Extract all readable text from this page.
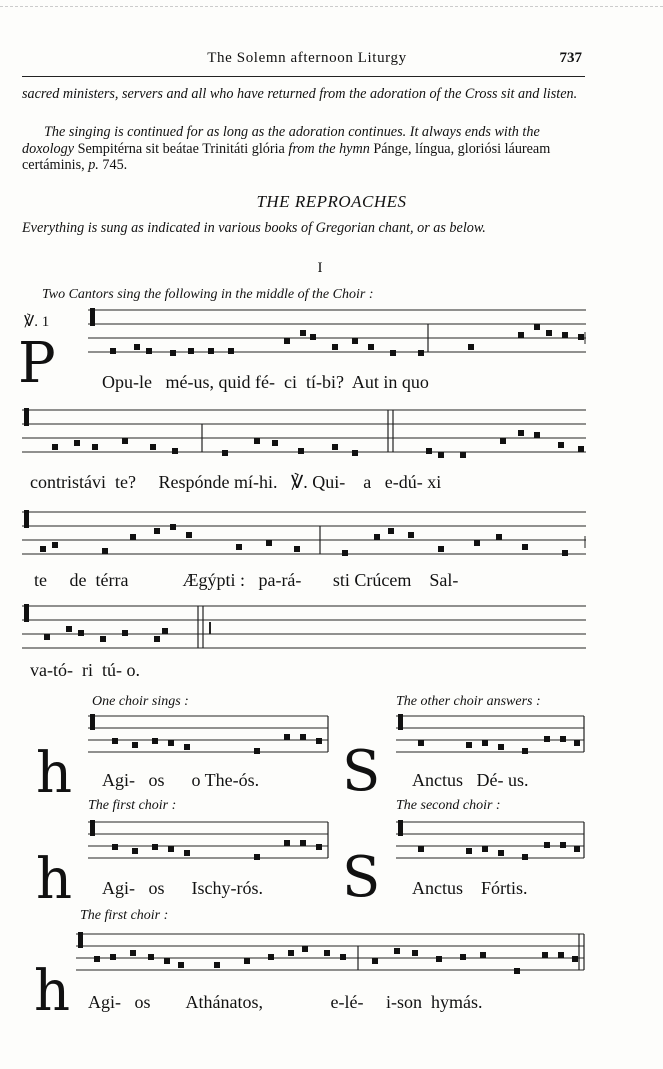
The Solemn afternoon Liturgy	737
sacred ministers, servers and all who have returned from the adoration of the Cross sit and listen.
The singing is continued for as long as the adoration continues. It always ends with the doxology Sempitérna sit beátae Trinitáti glória from the hymn Pánge, língua, gloriósi láuream certáminis, p. 745.
THE REPROACHES
Everything is sung as indicated in various books of Gregorian chant, or as below.
I
Two Cantors sing the following in the middle of the Choir :
℣. 1
P	Opu-le   mé-us, quid fé-  ci  tí-bi?  Aut in quo
contristávi  te?     Respónde mí-hi.   ℣. Qui-    a   e-dú- xi
te     de  térra            Ægýpti :   pa-rá-       sti Crúcem    Sal-
va-tó-  ri  tú- o.
One choir sings :	The other choir answers :
h Agi-   os      o The-ós. S Anctus   Dé- us.
The first choir :	The second choir :
h Agi-   os      Ischy-rós. S Anctus    Fórtis.
The first choir :
h Agi-   os        Athánatos,               e-lé-     i-son  hymás.
